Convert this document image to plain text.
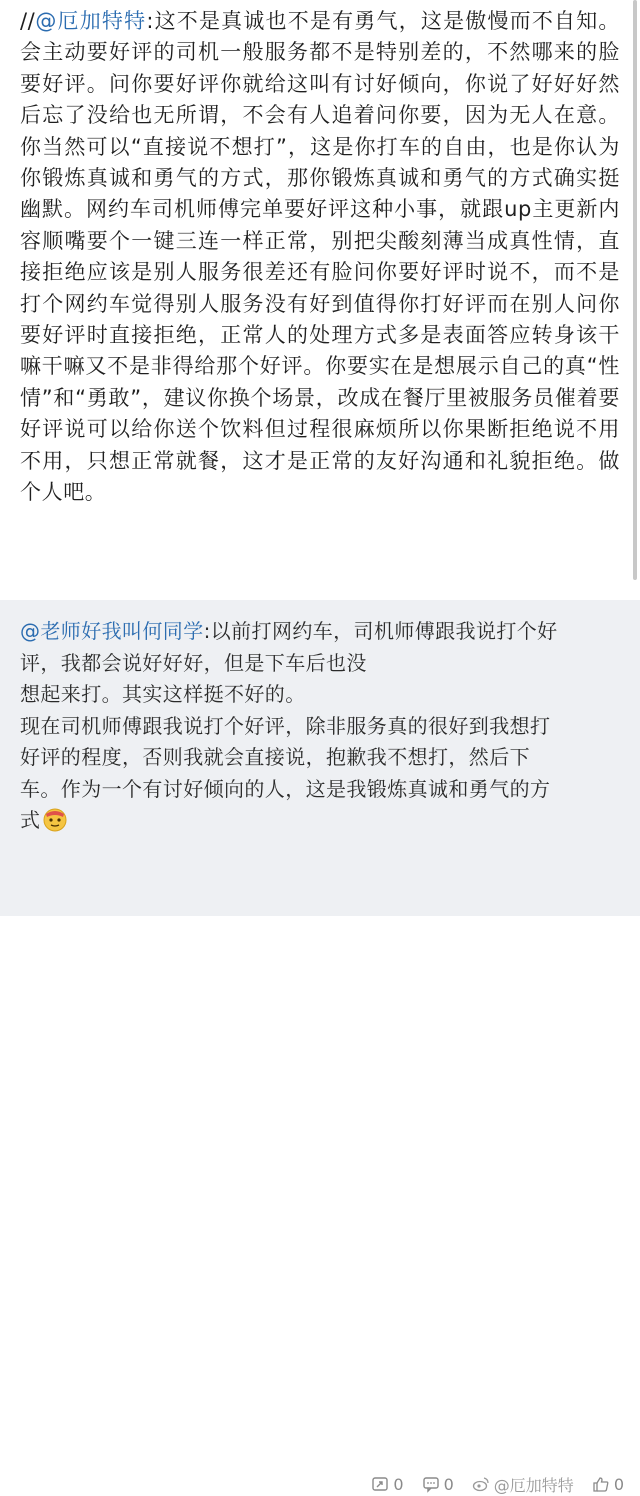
//@厄加特特:这不是真诚也不是有勇气，这是傲慢而不自知。会主动要好评的司机一般服务都不是特别差的，不然哪来的脸要好评。问你要好评你就给这叫有讨好倾向，你说了好好好然后忘了没给也无所谓，不会有人追着问你要，因为无人在意。你当然可以“直接说不想打”，这是你打车的自由，也是你认为你锻炼真诚和勇气的方式，那你锻炼真诚和勇气的方式确实挺幽默。网约车司机师傅完单要好评这种小事，就跟up主更新内容顺嘴要个一键三连一样正常，别把尖酸刻薄当成真性情，直接拒绝应该是别人服务很差还有脸问你要好评时说不，而不是打个网约车觉得别人服务没有好到值得你打好评而在别人问你要好评时直接拒绝，正常人的处理方式多是表面答应转身该干嘛干嘛又不是非得给那个好评。你要实在是想展示自己的真“性情”和“勇敢”，建议你换个场景，改成在餐厅里被服务员催着要好评说可以给你送个饮料但过程很麻烦所以你果断拒绝说不用不用，只想正常就餐，这才是正常的友好沟通和礼貌拒绝。做个人吧。
@老师好我叫何同学:以前打网约车，司机师傅跟我说打个好
评，我都会说好好好，但是下车后也没
想起来打。其实这样挺不好的。
现在司机师傅跟我说打个好评，除非服务真的很好到我想打
好评的程度，否则我就会直接说，抱歉我不想打，然后下
车。作为一个有讨好倾向的人，这是我锻炼真诚和勇气的方
式
0	0	@厄加特特	0
